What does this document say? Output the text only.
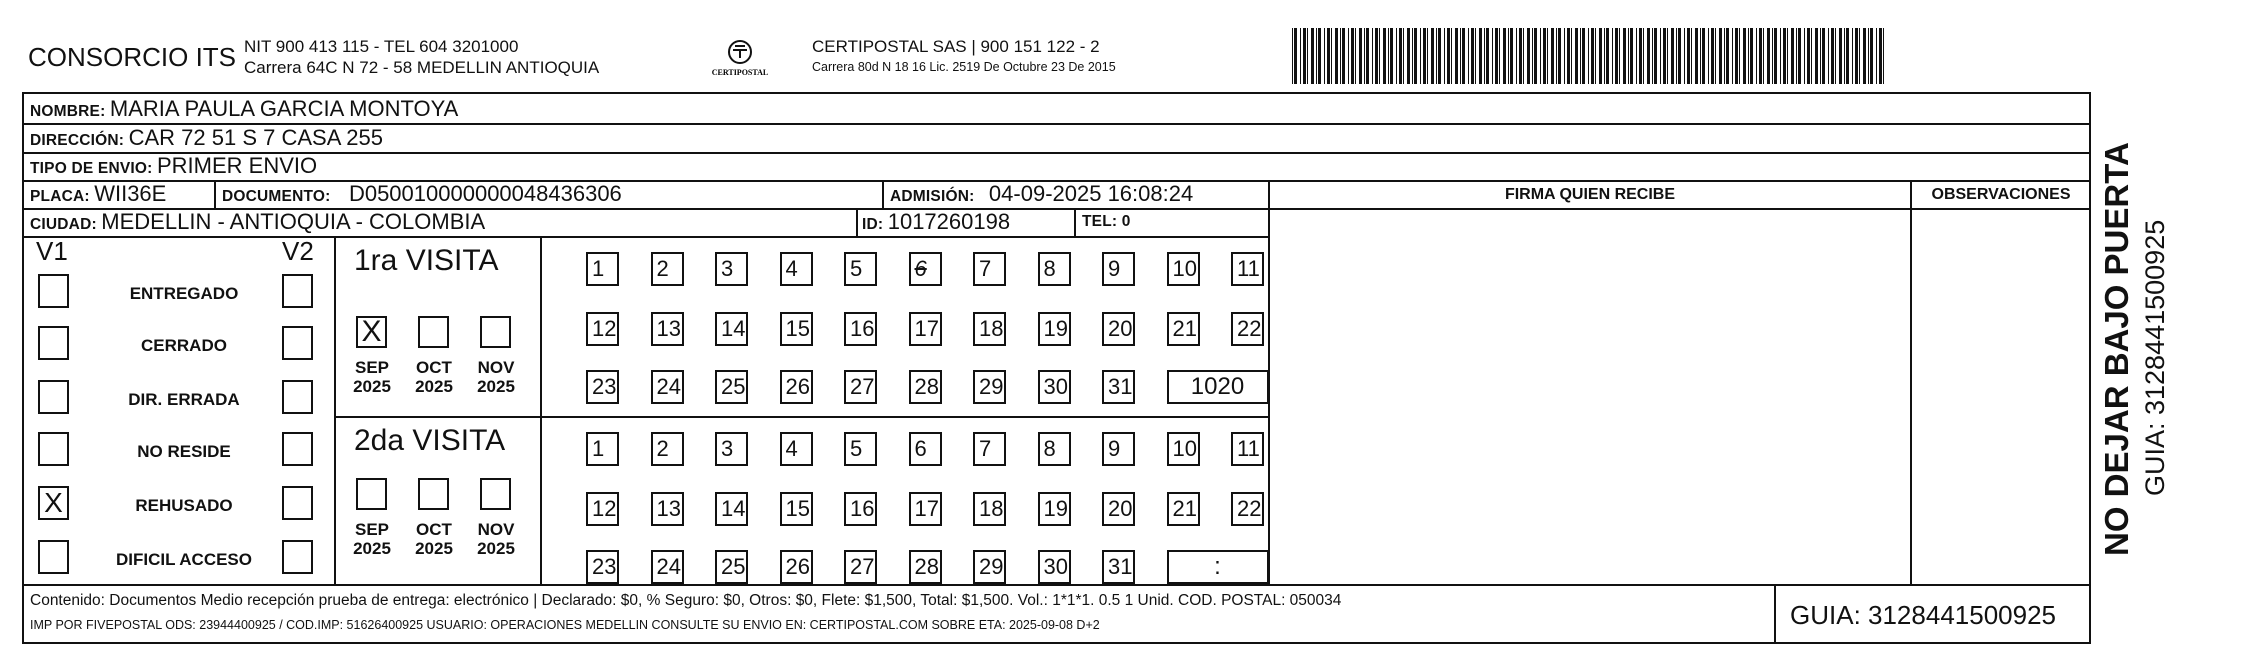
CONSORCIO ITS NIT 900 413 115 - TEL 604 3201000
Carrera 64C N 72 - 58 MEDELLIN ANTIOQUIA	CERTIPOSTAL
CERTIPOSTAL SAS | 900 151 122 - 2
Carrera 80d N 18 16 Lic. 2519 De Octubre 23 De 2015
NOMBRE: MARIA PAULA GARCIA MONTOYA
DIRECCIÓN: CAR 72 51 S 7 CASA 255
TIPO DE ENVIO: PRIMER ENVIO
PLACA: WII36E	DOCUMENTO: D050010000000048436306	ADMISIÓN: 04-09-2025 16:08:24
CIUDAD: MEDELLIN - ANTIOQUIA - COLOMBIA	ID: 1017260198	TEL: 0
FIRMA QUIEN RECIBE	OBSERVACIONES
V1	V2
ENTREGADO
CERRADO
DIR. ERRADA
NO RESIDE
X	REHUSADO
DIFICIL ACCESO
1ra VISITA
X
SEP
2025
OCT
2025
NOV
2025
1	2	3	4	5	6	7	8	9	10 11
12 13 14 15 16 17 18 19 20 21 22
23 24 25 26 27 28 29 30 31	1020
2da VISITA
SEP
2025
OCT
2025
NOV
2025
1	2	3	4	5	6	7	8	9	10 11
12 13 14 15 16 17 18 19 20 21 22
23 24 25 26 27 28 29 30 31	:
Contenido: Documentos Medio recepción prueba de entrega: electrónico | Declarado: $0, % Seguro: $0, Otros: $0, Flete: $1,500, Total: $1,500. Vol.: 1*1*1. 0.5 1 Unid. COD. POSTAL: 050034
IMP POR FIVEPOSTAL ODS: 23944400925 / COD.IMP: 51626400925 USUARIO: OPERACIONES MEDELLIN CONSULTE SU ENVIO EN: CERTIPOSTAL.COM SOBRE ETA: 2025-09-08 D+2	GUIA: 3128441500925
NO DEJAR BAJO PUERTA GUIA: 3128441500925
